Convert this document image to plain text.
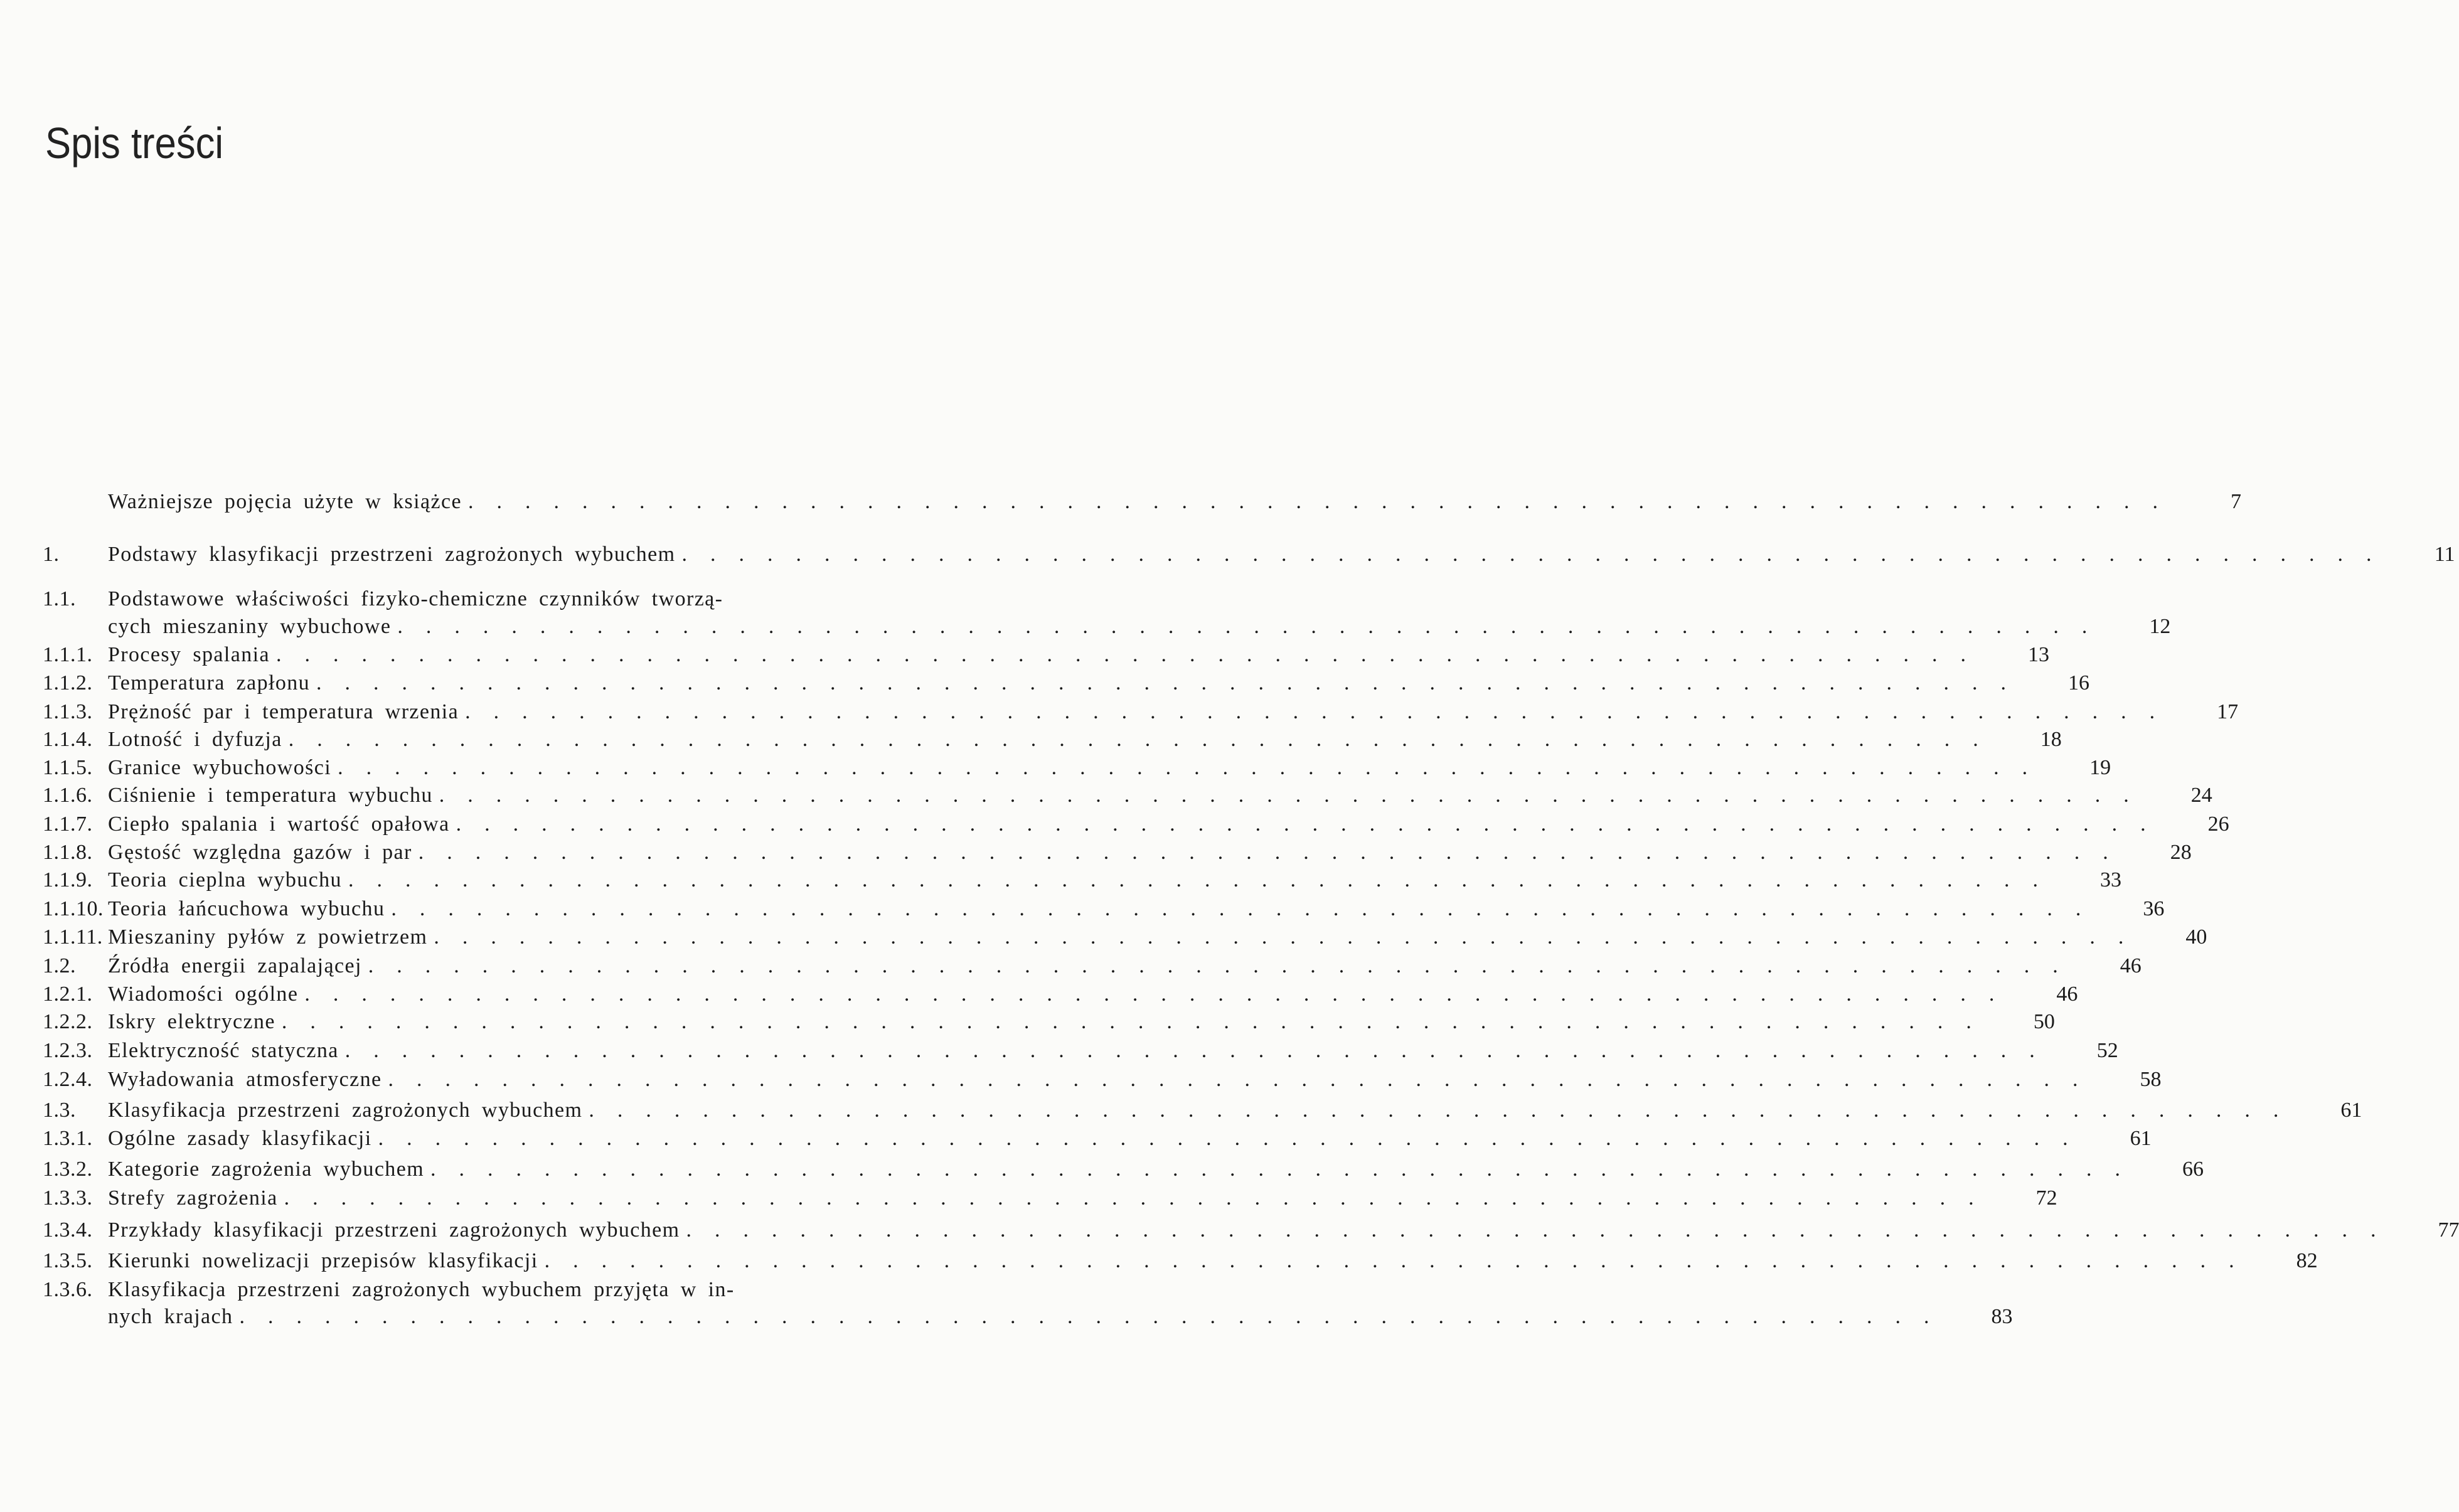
Spis treści
Ważniejsze pojęcia użyte w książce ............................................................	7
1.	Podstawy klasyfikacji przestrzeni zagrożonych wybuchem ............................................................	11
1.1.	Podstawowe właściwości fizyko-chemiczne czynników tworzą-
cych mieszaniny wybuchowe ............................................................	12
1.1.1. Procesy spalania ............................................................	13
1.1.2. Temperatura zapłonu ............................................................	16
1.1.3. Prężność par i temperatura wrzenia ............................................................	17
1.1.4. Lotność i dyfuzja ............................................................	18
1.1.5. Granice wybuchowości ............................................................	19
1.1.6. Ciśnienie i temperatura wybuchu ............................................................	24
1.1.7. Ciepło spalania i wartość opałowa ............................................................	26
1.1.8. Gęstość względna gazów i par ............................................................	28
1.1.9. Teoria cieplna wybuchu ............................................................	33
1.1.10. Teoria łańcuchowa wybuchu ............................................................	36
1.1.11. Mieszaniny pyłów z powietrzem ............................................................	40
1.2.	Źródła energii zapalającej ............................................................	46
1.2.1. Wiadomości ogólne ............................................................	46
1.2.2. Iskry elektryczne ............................................................	50
1.2.3. Elektryczność statyczna ............................................................	52
1.2.4. Wyładowania atmosferyczne ............................................................	58
1.3.	Klasyfikacja przestrzeni zagrożonych wybuchem ............................................................	61
1.3.1. Ogólne zasady klasyfikacji ............................................................	61
1.3.2. Kategorie zagrożenia wybuchem ............................................................	66
1.3.3. Strefy zagrożenia ............................................................	72
1.3.4. Przykłady klasyfikacji przestrzeni zagrożonych wybuchem ............................................................	77
1.3.5. Kierunki nowelizacji przepisów klasyfikacji ............................................................	82
1.3.6. Klasyfikacja przestrzeni zagrożonych wybuchem przyjęta w in-
nych krajach ............................................................	83
